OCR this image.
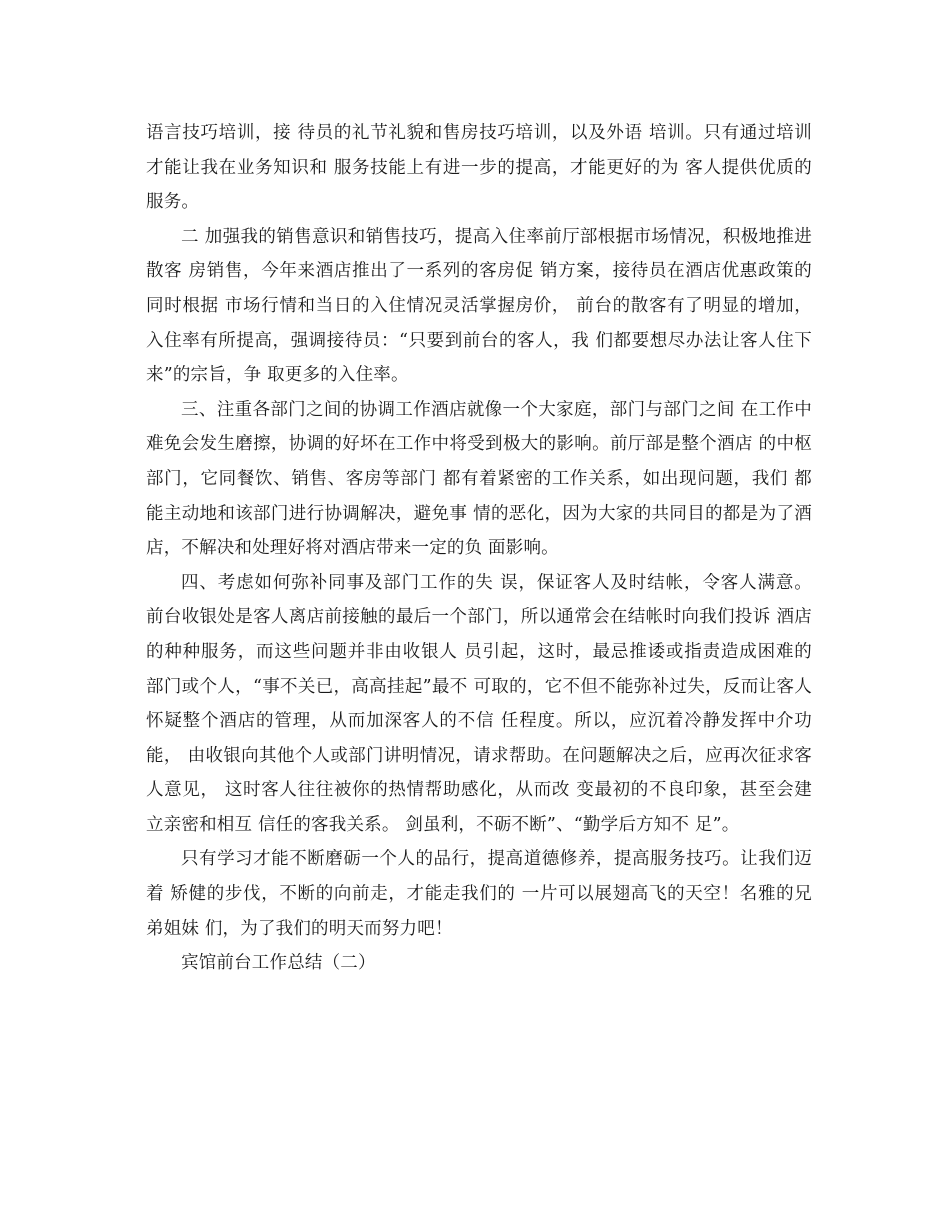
语言技巧培训，接 待员的礼节礼貌和售房技巧培训，以及外语 培训。只有通过培训才能让我在业务知识和 服务技能上有进一步的提高，才能更好的为 客人提供优质的服务。

二 加强我的销售意识和销售技巧，提高入住率前厅部根据市场情况，积极地推进散客 房销售，今年来酒店推出了一系列的客房促 销方案，接待员在酒店优惠政策的同时根据 市场行情和当日的入住情况灵活掌握房价， 前台的散客有了明显的增加，入住率有所提高，强调接待员：“只要到前台的客人，我 们都要想尽办法让客人住下来”的宗旨，争 取更多的入住率。

三、注重各部门之间的协调工作酒店就像一个大家庭，部门与部门之间 在工作中难免会发生磨擦，协调的好坏在工作中将受到极大的影响。前厅部是整个酒店 的中枢部门，它同餐饮、销售、客房等部门 都有着紧密的工作关系，如出现问题，我们 都能主动地和该部门进行协调解决，避免事 情的恶化，因为大家的共同目的都是为了酒 店，不解决和处理好将对酒店带来一定的负 面影响。

四、考虑如何弥补同事及部门工作的失 误，保证客人及时结帐，令客人满意。 前台收银处是客人离店前接触的最后一个部门，所以通常会在结帐时向我们投诉 酒店的种种服务，而这些问题并非由收银人 员引起，这时，最忌推诿或指责造成困难的 部门或个人，“事不关已，高高挂起”最不 可取的，它不但不能弥补过失，反而让客人 怀疑整个酒店的管理，从而加深客人的不信 任程度。所以，应沉着冷静发挥中介功能， 由收银向其他个人或部门讲明情况，请求帮助。在问题解决之后，应再次征求客人意见， 这时客人往往被你的热情帮助感化，从而改 变最初的不良印象，甚至会建立亲密和相互 信任的客我关系。 剑虽利，不砺不断”、“勤学后方知不 足”。

只有学习才能不断磨砺一个人的品行，提高道德修养，提高服务技巧。让我们迈着 矫健的步伐，不断的向前走，才能走我们的 一片可以展翅高飞的天空！名雅的兄弟姐妹 们，为了我们的明天而努力吧！

宾馆前台工作总结（二）
